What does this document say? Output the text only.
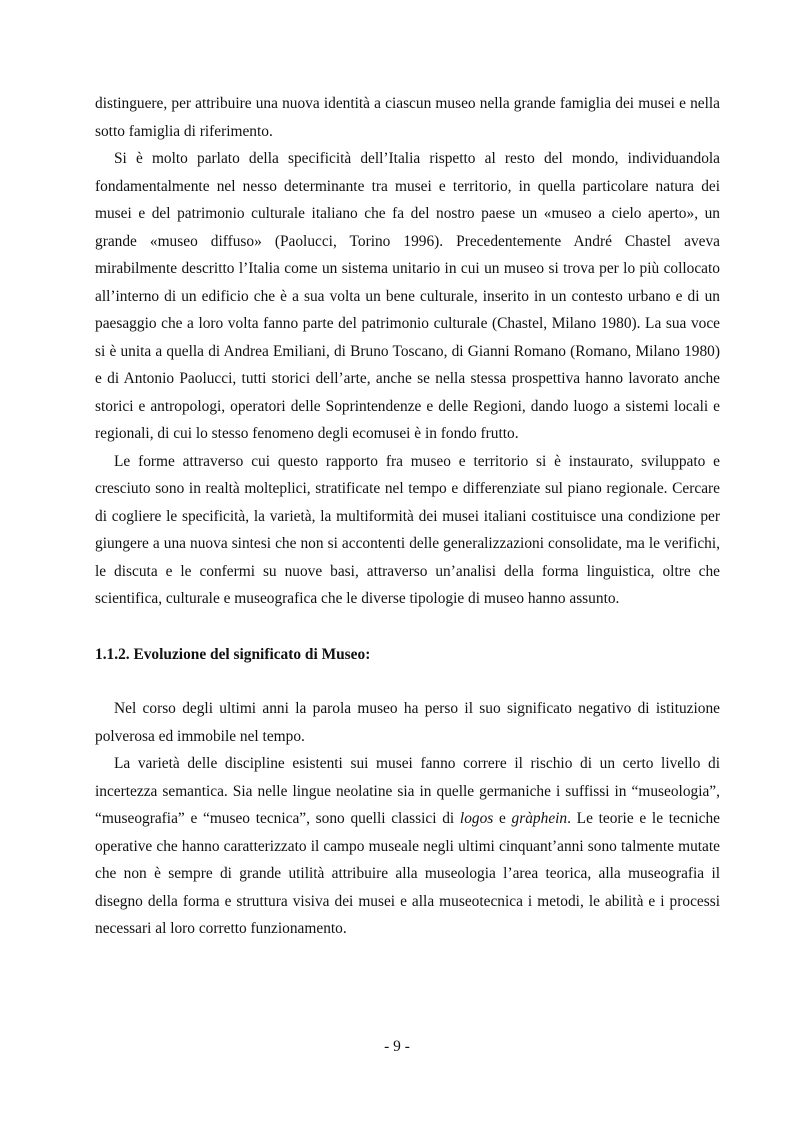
distinguere, per attribuire una nuova identità a ciascun museo nella grande famiglia dei musei e nella sotto famiglia di riferimento.

Si è molto parlato della specificità dell’Italia rispetto al resto del mondo, individuandola fondamentalmente nel nesso determinante tra musei e territorio, in quella particolare natura dei musei e del patrimonio culturale italiano che fa del nostro paese un «museo a cielo aperto», un grande «museo diffuso» (Paolucci, Torino 1996). Precedentemente André Chastel aveva mirabilmente descritto l’Italia come un sistema unitario in cui un museo si trova per lo più collocato all’interno di un edificio che è a sua volta un bene culturale, inserito in un contesto urbano e di un paesaggio che a loro volta fanno parte del patrimonio culturale (Chastel, Milano 1980). La sua voce si è unita a quella di Andrea Emiliani, di Bruno Toscano, di Gianni Romano (Romano, Milano 1980) e di Antonio Paolucci, tutti storici dell’arte, anche se nella stessa prospettiva hanno lavorato anche storici e antropologi, operatori delle Soprintendenze e delle Regioni, dando luogo a sistemi locali e regionali, di cui lo stesso fenomeno degli ecomusei è in fondo frutto.

Le forme attraverso cui questo rapporto fra museo e territorio si è instaurato, sviluppato e cresciuto sono in realtà molteplici, stratificate nel tempo e differenziate sul piano regionale. Cercare di cogliere le specificità, la varietà, la multiformità dei musei italiani costituisce una condizione per giungere a una nuova sintesi che non si accontenti delle generalizzazioni consolidate, ma le verifichi, le discuta e le confermi su nuove basi, attraverso un’analisi della forma linguistica, oltre che scientifica, culturale e museografica che le diverse tipologie di museo hanno assunto.

1.1.2. Evoluzione del significato di Museo:

Nel corso degli ultimi anni la parola museo ha perso il suo significato negativo di istituzione polverosa ed immobile nel tempo.

La varietà delle discipline esistenti sui musei fanno correre il rischio di un certo livello di incertezza semantica. Sia nelle lingue neolatine sia in quelle germaniche i suffissi in “museologia”, “museografia” e “museo tecnica”, sono quelli classici di logos e gràphein. Le teorie e le tecniche operative che hanno caratterizzato il campo museale negli ultimi cinquant’anni sono talmente mutate che non è sempre di grande utilità attribuire alla museologia l’area teorica, alla museografia il disegno della forma e struttura visiva dei musei e alla museotecnica i metodi, le abilità e i processi necessari al loro corretto funzionamento.

- 9 -
